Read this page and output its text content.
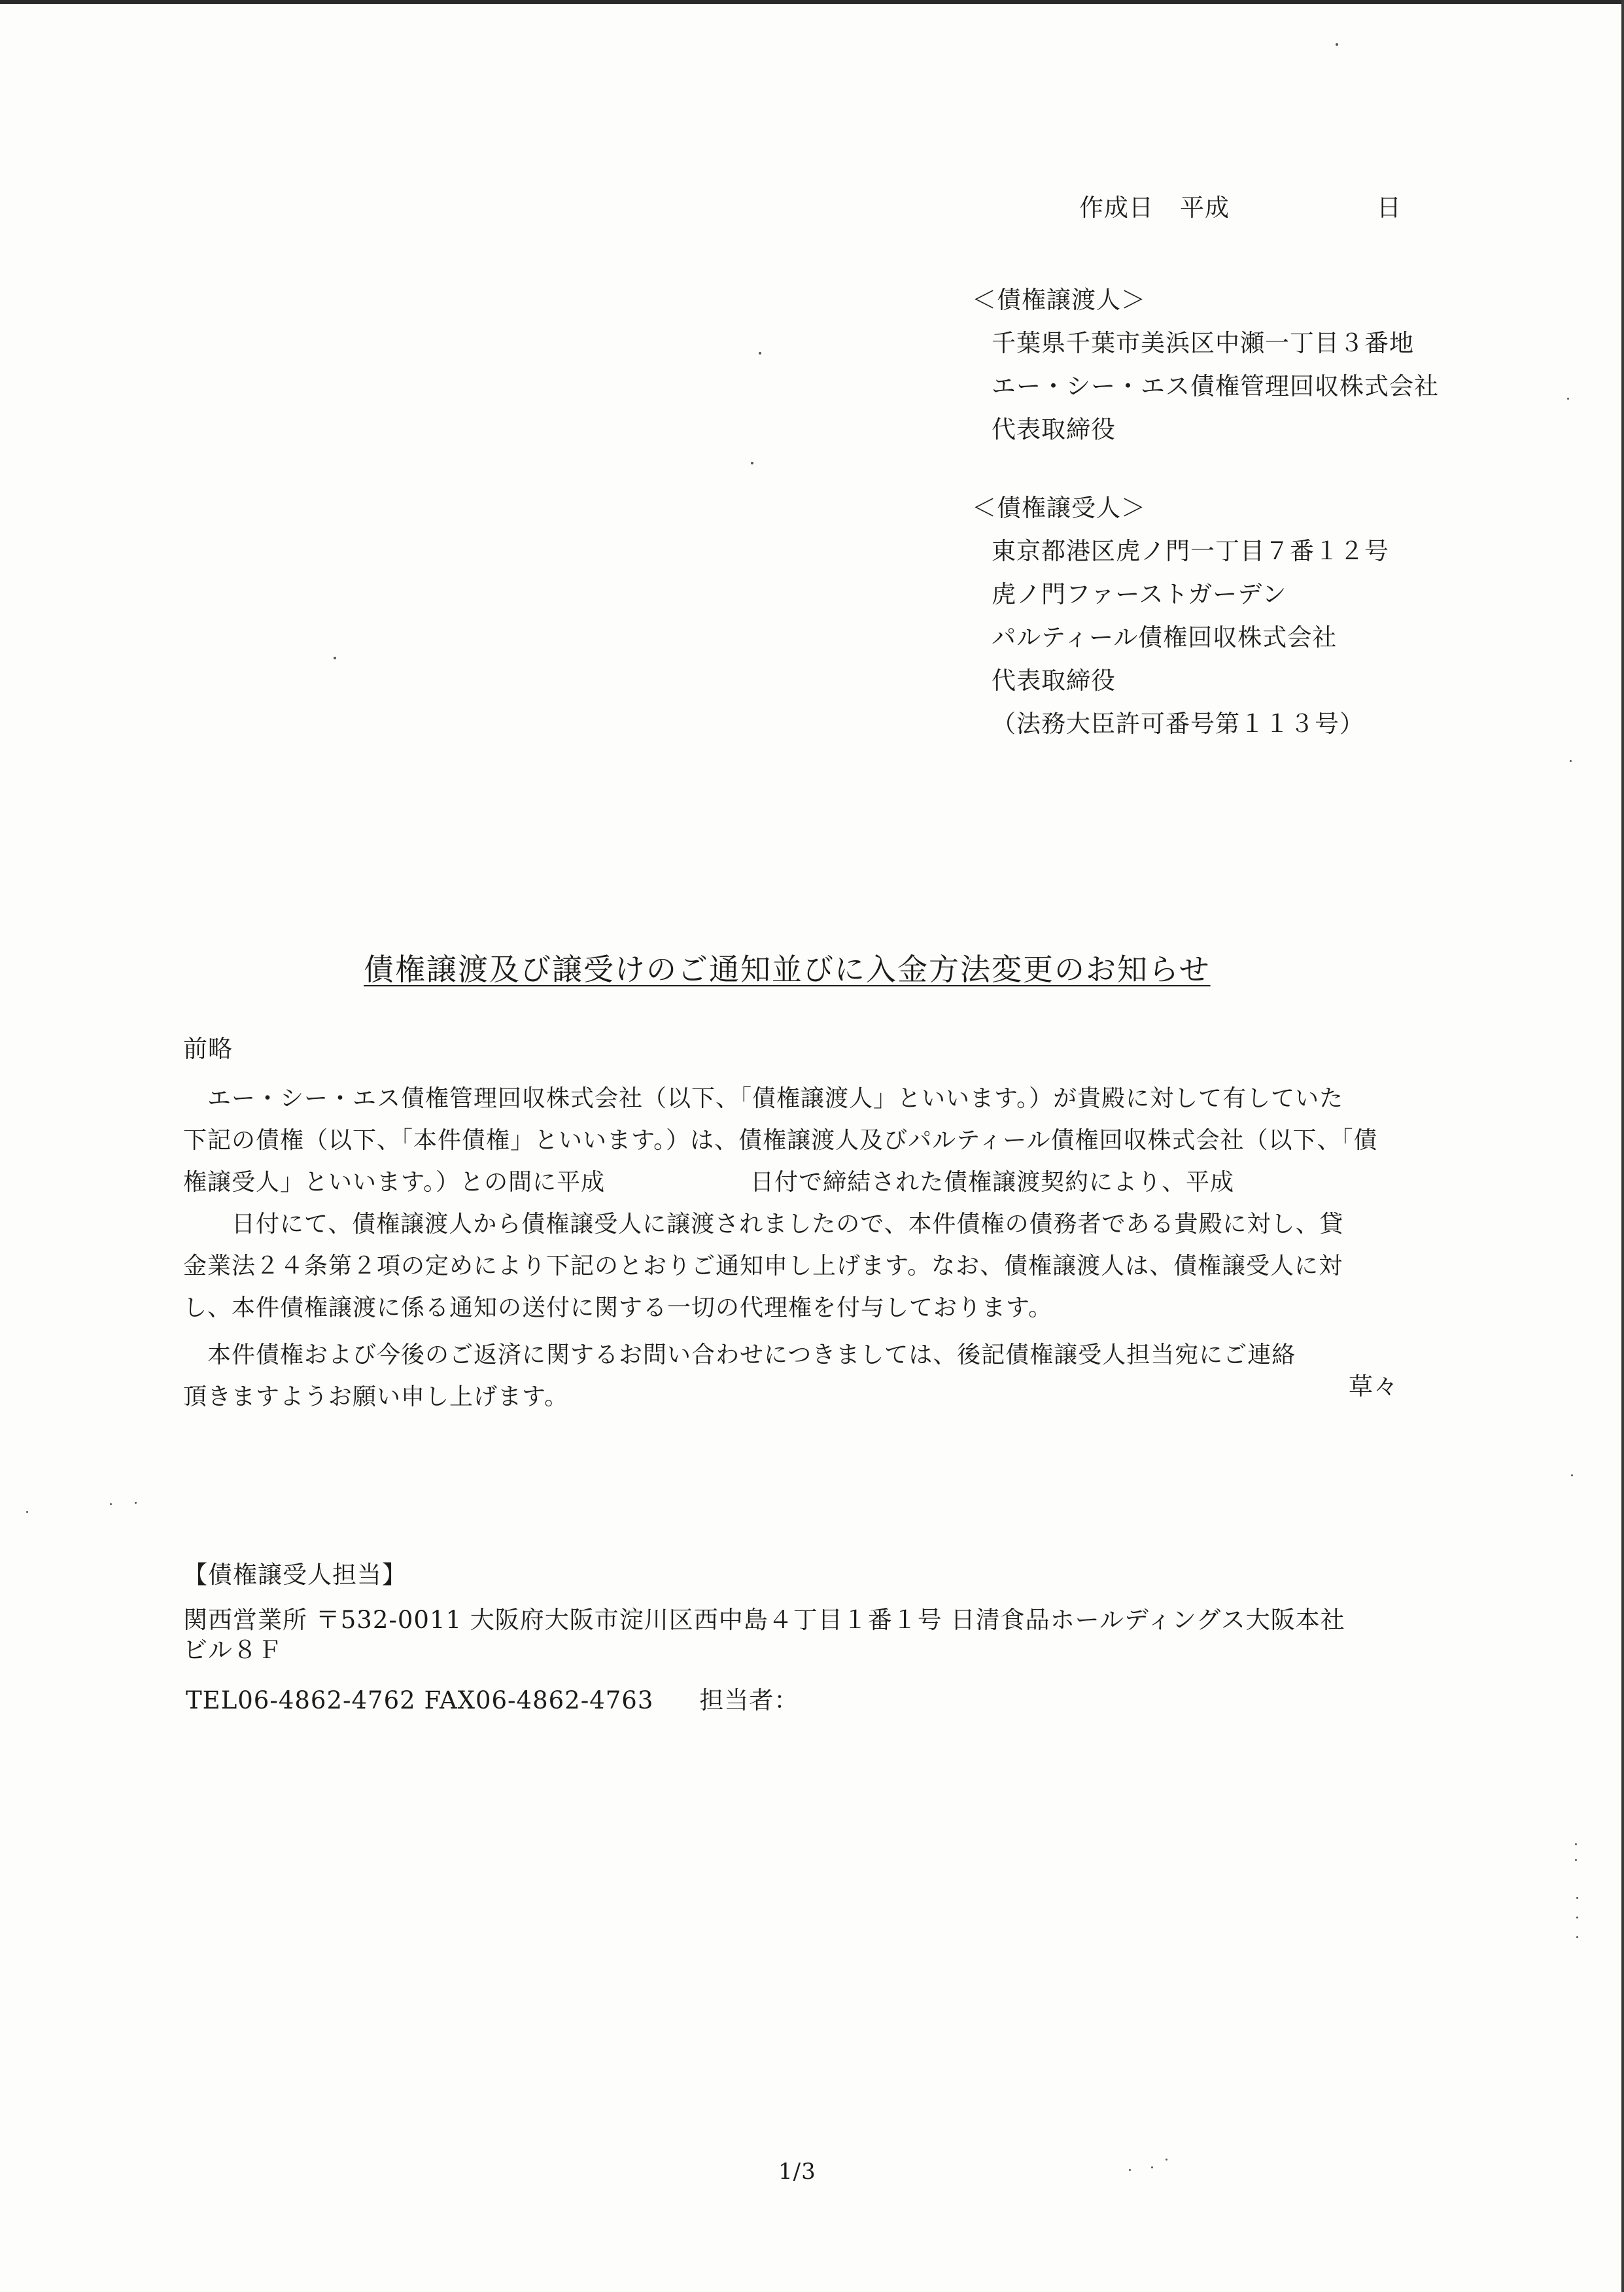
作成日 平成	日
＜債権譲渡人＞
千葉県千葉市美浜区中瀬一丁目３番地
エー・シー・エス債権管理回収株式会社
代表取締役
＜債権譲受人＞
東京都港区虎ノ門一丁目７番１２号
虎ノ門ファーストガーデン
パルティール債権回収株式会社
代表取締役
（法務大臣許可番号第１１３号）
債権譲渡及び譲受けのご通知並びに入金方法変更のお知らせ
前略
　エー・シー・エス債権管理回収株式会社（以下、「債権譲渡人」といいます。）が貴殿に対して有していた
下記の債権（以下、「本件債権」といいます。）は、債権譲渡人及びパルティール債権回収株式会社（以下、「債
権譲受人」といいます。）との間に平成　　　　　　日付で締結された債権譲渡契約により、平成
　　日付にて、債権譲渡人から債権譲受人に譲渡されましたので、本件債権の債務者である貴殿に対し、貸
金業法２４条第２項の定めにより下記のとおりご通知申し上げます。なお、債権譲渡人は、債権譲受人に対
し、本件債権譲渡に係る通知の送付に関する一切の代理権を付与しております。
　本件債権および今後のご返済に関するお問い合わせにつきましては、後記債権譲受人担当宛にご連絡
頂きますようお願い申し上げます。	草々
【債権譲受人担当】
関西営業所 〒532-0011 大阪府大阪市淀川区西中島４丁目１番１号 日清食品ホールディングス大阪本社
ビル８Ｆ
TEL06-4862-4762 FAX06-4862-4763 担当者：
1/3
